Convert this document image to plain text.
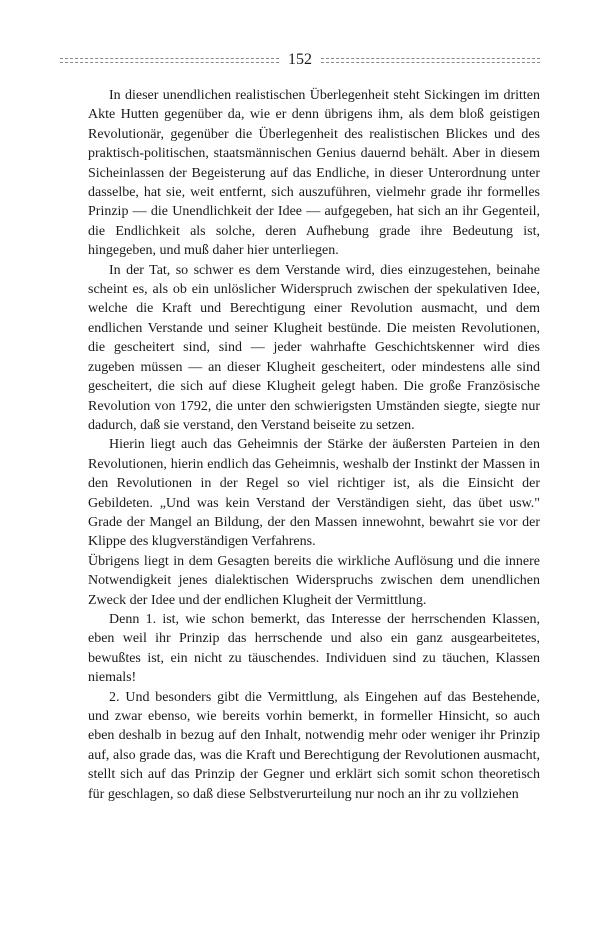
152

In dieser unendlichen realistischen Überlegenheit steht Sickingen im dritten Akte Hutten gegenüber da, wie er denn übrigens ihm, als dem bloß geistigen Revolutionär, gegenüber die Überlegenheit des realistischen Blickes und des praktisch-politischen, staatsmännischen Genius dauernd behält. Aber in diesem Sicheinlassen der Begeisterung auf das Endliche, in dieser Unterordnung unter dasselbe, hat sie, weit entfernt, sich auszuführen, vielmehr grade ihr formelles Prinzip — die Unendlichkeit der Idee — aufgegeben, hat sich an ihr Gegenteil, die Endlichkeit als solche, deren Aufhebung grade ihre Bedeutung ist, hingegeben, und muß daher hier unterliegen.

In der Tat, so schwer es dem Verstande wird, dies einzugestehen, beinahe scheint es, als ob ein unlöslicher Widerspruch zwischen der spekulativen Idee, welche die Kraft und Berechtigung einer Revolution ausmacht, und dem endlichen Verstande und seiner Klugheit bestünde. Die meisten Revolutionen, die gescheitert sind, sind — jeder wahrhafte Geschichtskenner wird dies zugeben müssen — an dieser Klugheit gescheitert, oder mindestens alle sind gescheitert, die sich auf diese Klugheit gelegt haben. Die große Französische Revolution von 1792, die unter den schwierigsten Umständen siegte, siegte nur dadurch, daß sie verstand, den Verstand beiseite zu setzen.

Hierin liegt auch das Geheimnis der Stärke der äußersten Parteien in den Revolutionen, hierin endlich das Geheimnis, weshalb der Instinkt der Massen in den Revolutionen in der Regel so viel richtiger ist, als die Einsicht der Gebildeten. „Und was kein Verstand der Verständigen sieht, das übet usw." Grade der Mangel an Bildung, der den Massen innewohnt, bewahrt sie vor der Klippe des klugverständigen Verfahrens.

Übrigens liegt in dem Gesagten bereits die wirkliche Auflösung und die innere Notwendigkeit jenes dialektischen Widerspruchs zwischen dem unendlichen Zweck der Idee und der endlichen Klugheit der Vermittlung.

Denn 1. ist, wie schon bemerkt, das Interesse der herrschenden Klassen, eben weil ihr Prinzip das herrschende und also ein ganz ausgearbeitetes, bewußtes ist, ein nicht zu täuschendes. Individuen sind zu täuchen, Klassen niemals!

2. Und besonders gibt die Vermittlung, als Eingehen auf das Bestehende, und zwar ebenso, wie bereits vorhin bemerkt, in formeller Hinsicht, so auch eben deshalb in bezug auf den Inhalt, notwendig mehr oder weniger ihr Prinzip auf, also grade das, was die Kraft und Berechtigung der Revolutionen ausmacht, stellt sich auf das Prinzip der Gegner und erklärt sich somit schon theoretisch für geschlagen, so daß diese Selbstverurteilung nur noch an ihr zu vollziehen
